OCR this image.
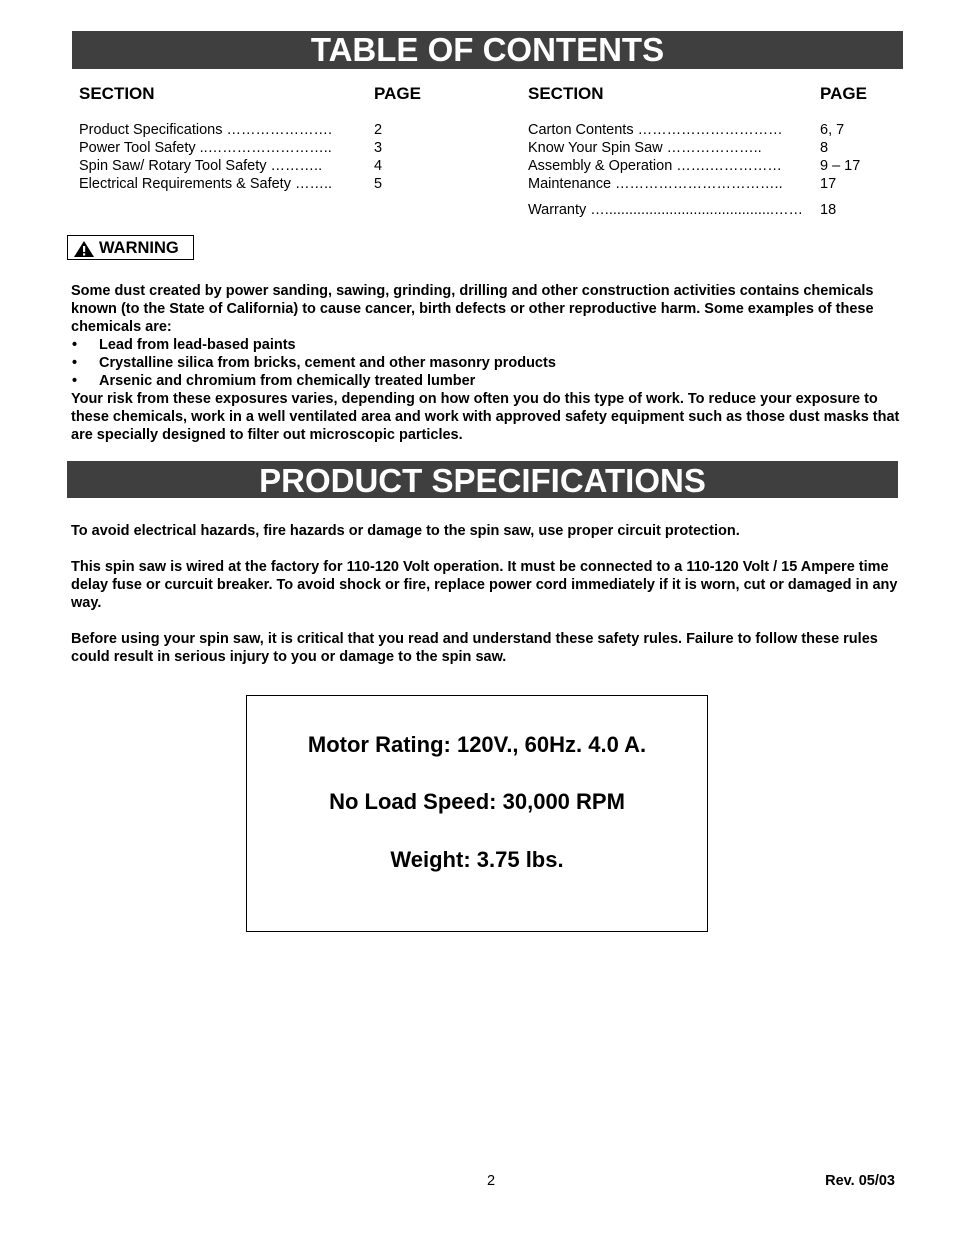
TABLE OF CONTENTS
SECTION	PAGE	SECTION	PAGE
Product Specifications ………………….	2
Power Tool Safety ..……………………..	3
Spin Saw/ Rotary Tool Safety ………..	4
Electrical Requirements & Safety ……..	5
Carton Contents …………………………	6, 7
Know Your Spin Saw ………………..	8
Assembly & Operation …….……………	9 – 17
Maintenance ……………………………..	17
Warranty …..........................................…… 18
WARNING

Some dust created by power sanding, sawing, grinding, drilling and other construction activities contains chemicals known (to the State of California) to cause cancer, birth defects or other reproductive harm. Some examples of these chemicals are:

• Lead from lead-based paints
• Crystalline silica from bricks, cement and other masonry products
• Arsenic and chromium from chemically treated lumber

Your risk from these exposures varies, depending on how often you do this type of work. To reduce your exposure to these chemicals, work in a well ventilated area and work with approved safety equipment such as those dust masks that are specially designed to filter out microscopic particles.

PRODUCT SPECIFICATIONS
To avoid electrical hazards, fire hazards or damage to the spin saw, use proper circuit protection.
This spin saw is wired at the factory for 110-120 Volt operation. It must be connected to a 110-120 Volt / 15 Ampere time delay fuse or curcuit breaker. To avoid shock or fire, replace power cord immediately if it is worn, cut or damaged in any way.
Before using your spin saw, it is critical that you read and understand these safety rules. Failure to follow these rules could result in serious injury to you or damage to the spin saw.
Motor Rating: 120V., 60Hz. 4.0 A.
No Load Speed: 30,000 RPM
Weight: 3.75 lbs.
2	Rev. 05/03
